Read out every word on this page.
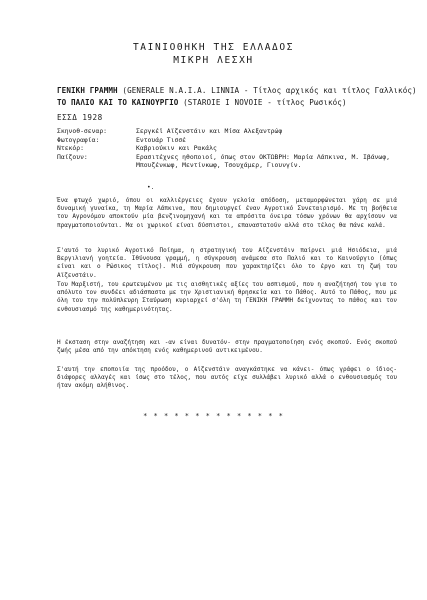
ΤΑΙΝΙΟΘΗΚΗ ΤΗΣ ΕΛΛΑΔΟΣ
ΜΙΚΡΗ ΛΕΣΧΗ
ΓΕΝΙΚΗ ΓΡΑΜΜΗ (GENERALE N.A.I.A. LINNIA - Τίτλος αρχικός και τίτλος Γαλλικός)
ΤΟ ΠΑΛΙΟ ΚΑΙ ΤΟ ΚΑΙΝΟΥΡΓΙΟ (STAROIE I NOVOIE - τίτλος Ρωσικός)
ΕΣΣΔ 1928
Σκηνοθ-σεναρ:	Σεργκέϊ Αϊζενστάιν και Μίσα Αλεξαντρώφ
Φωτογραφία:	Εντουάρ Τισσέ
Ντεκόρ:	Καβριούκιν και Ρακάλς
Παίζουν:	Ερασιτέχνες ηθοποιοί, όπως στον ΟΚΤΩΒΡΗ: Μαρία Λάπκινα, Μ. Ιβάνωφ, Μπουζένκωφ, Μεντίνκωφ, Τσουχάμερ, Γιουνγίν.
•.
Ένα φτωχό χωριό, όπου οι καλλιέργειες έχουν γελοία απόδοση, μεταμορφώνεται χάρη σε μιά δυναμική γυναίκα, τη Μαρία Λάπκινα, που δημιουργεί έναν Αγροτικό Συνεταιρισμό. Με τη βοήθεια του Αγρονόμου αποκτούν μία βενζινομηχανή και τα απρόσιτα όνειρα τόσων χρόνων θα αρχίσουν να πραγματοποιούνται. Μα οι χωρικοί είναι δύσπιστοι, επαναστατούν αλλά στο τέλος θα πάνε καλά.
Σ'αυτό το λυρικό Αγροτικό Ποίημα, η στρατηγική του Αϊζενστάιν παίρνει μιά Ησιόδεια, μιά Βεργιλιανή γοητεία. Ιθύνουσα γραμμή, η σύγκρουση ανάμεσα στο Παλιό και το Καινούργιο (όπως είναι και ο Ρώσικος τίτλος). Μιά σύγκρουση που χαρακτηρίζει όλο το έργο και τη ζωή του Αϊζενστάιν.
Του Μαρξιστή, του ερωτευμένου με τις αισθητικές αξίες του ασπισμού, που η αναζήτησή του για το απόλυτο τον συνδέει αδιάσπαστα με την Χριστιανική θρησκεία και το Πάθος. Αυτό το Πάθος, που με όλη του την πολύπλευρη Σταύρωση κυριαρχεί σ'όλη τη ΓΕΝΙΚΗ ΓΡΑΜΜΗ δείχνοντας το πάθος και τον ενθουσιασμό της καθημερινότητας.
Η έκσταση στην αναζήτηση και -αν είναι δυνατόν- στην πραγματοποίηση ενός σκοπού. Ενός σκοπού ζωής μέσα από την απόκτηση ενός καθημερινού αντικειμένου.
Σ'αυτή την εποποιία της προόδου, ο Αϊζενστάιν αναγκάστηκε να κάνει- όπως γράφει ο ίδιος- διάφορες αλλαγές και ίσως στο τέλος, που αυτός είχε συλλάβει λυρικό αλλά ο ενθουσιασμός του ήταν ακόμη αλήθινος.
* * * * * * * * * * * * * *
